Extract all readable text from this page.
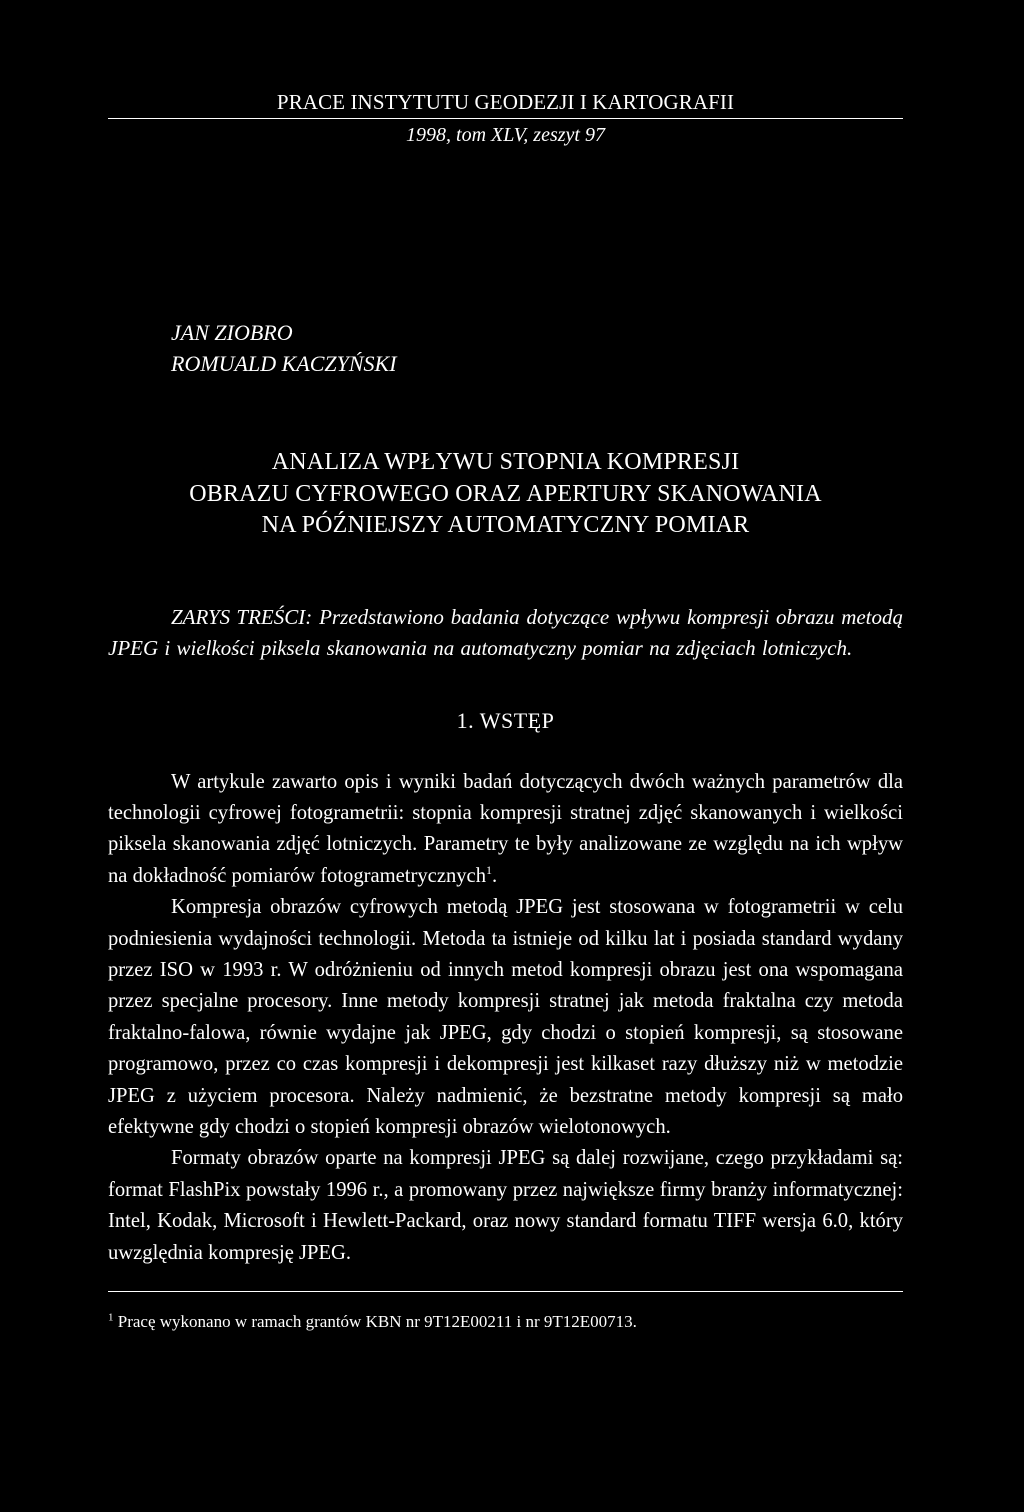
PRACE INSTYTUTU GEODEZJI I KARTOGRAFII
1998, tom XLV, zeszyt 97
JAN ZIOBRO
ROMUALD KACZYŃSKI
ANALIZA WPŁYWU STOPNIA KOMPRESJI
OBRAZU CYFROWEGO ORAZ APERTURY SKANOWANIA
NA PÓŹNIEJSZY AUTOMATYCZNY POMIAR
ZARYS TREŚCI: Przedstawiono badania dotyczące wpływu kompresji obrazu metodą JPEG i wielkości piksela skanowania na automatyczny pomiar na zdjęciach lotniczych.
1. WSTĘP

W artykule zawarto opis i wyniki badań dotyczących dwóch ważnych parametrów dla technologii cyfrowej fotogrametrii: stopnia kompresji stratnej zdjęć skanowanych i wielkości piksela skanowania zdjęć lotniczych. Parametry te były analizowane ze względu na ich wpływ na dokładność pomiarów fotogrametrycznych$^1$.

Kompresja obrazów cyfrowych metodą JPEG jest stosowana w fotogrametrii w celu podniesienia wydajności technologii. Metoda ta istnieje od kilku lat i posiada standard wydany przez ISO w 1993 r. W odróżnieniu od innych metod kompresji obrazu jest ona wspomagana przez specjalne procesory. Inne metody kompresji stratnej jak metoda fraktalna czy metoda fraktalno-falowa, równie wydajne jak JPEG, gdy chodzi o stopień kompresji, są stosowane programowo, przez co czas kompresji i dekompresji jest kilkaset razy dłuższy niż w metodzie JPEG z użyciem procesora. Należy nadmienić, że bezstratne metody kompresji są mało efektywne gdy chodzi o stopień kompresji obrazów wielotonowych.

Formaty obrazów oparte na kompresji JPEG są dalej rozwijane, czego przykładami są: format FlashPix powstały 1996 r., a promowany przez największe firmy branży informatycznej: Intel, Kodak, Microsoft i Hewlett-Packard, oraz nowy standard formatu TIFF wersja 6.0, który uwzględnia kompresję JPEG.

$^1$ Pracę wykonano w ramach grantów KBN nr 9T12E00211 i nr 9T12E00713.
